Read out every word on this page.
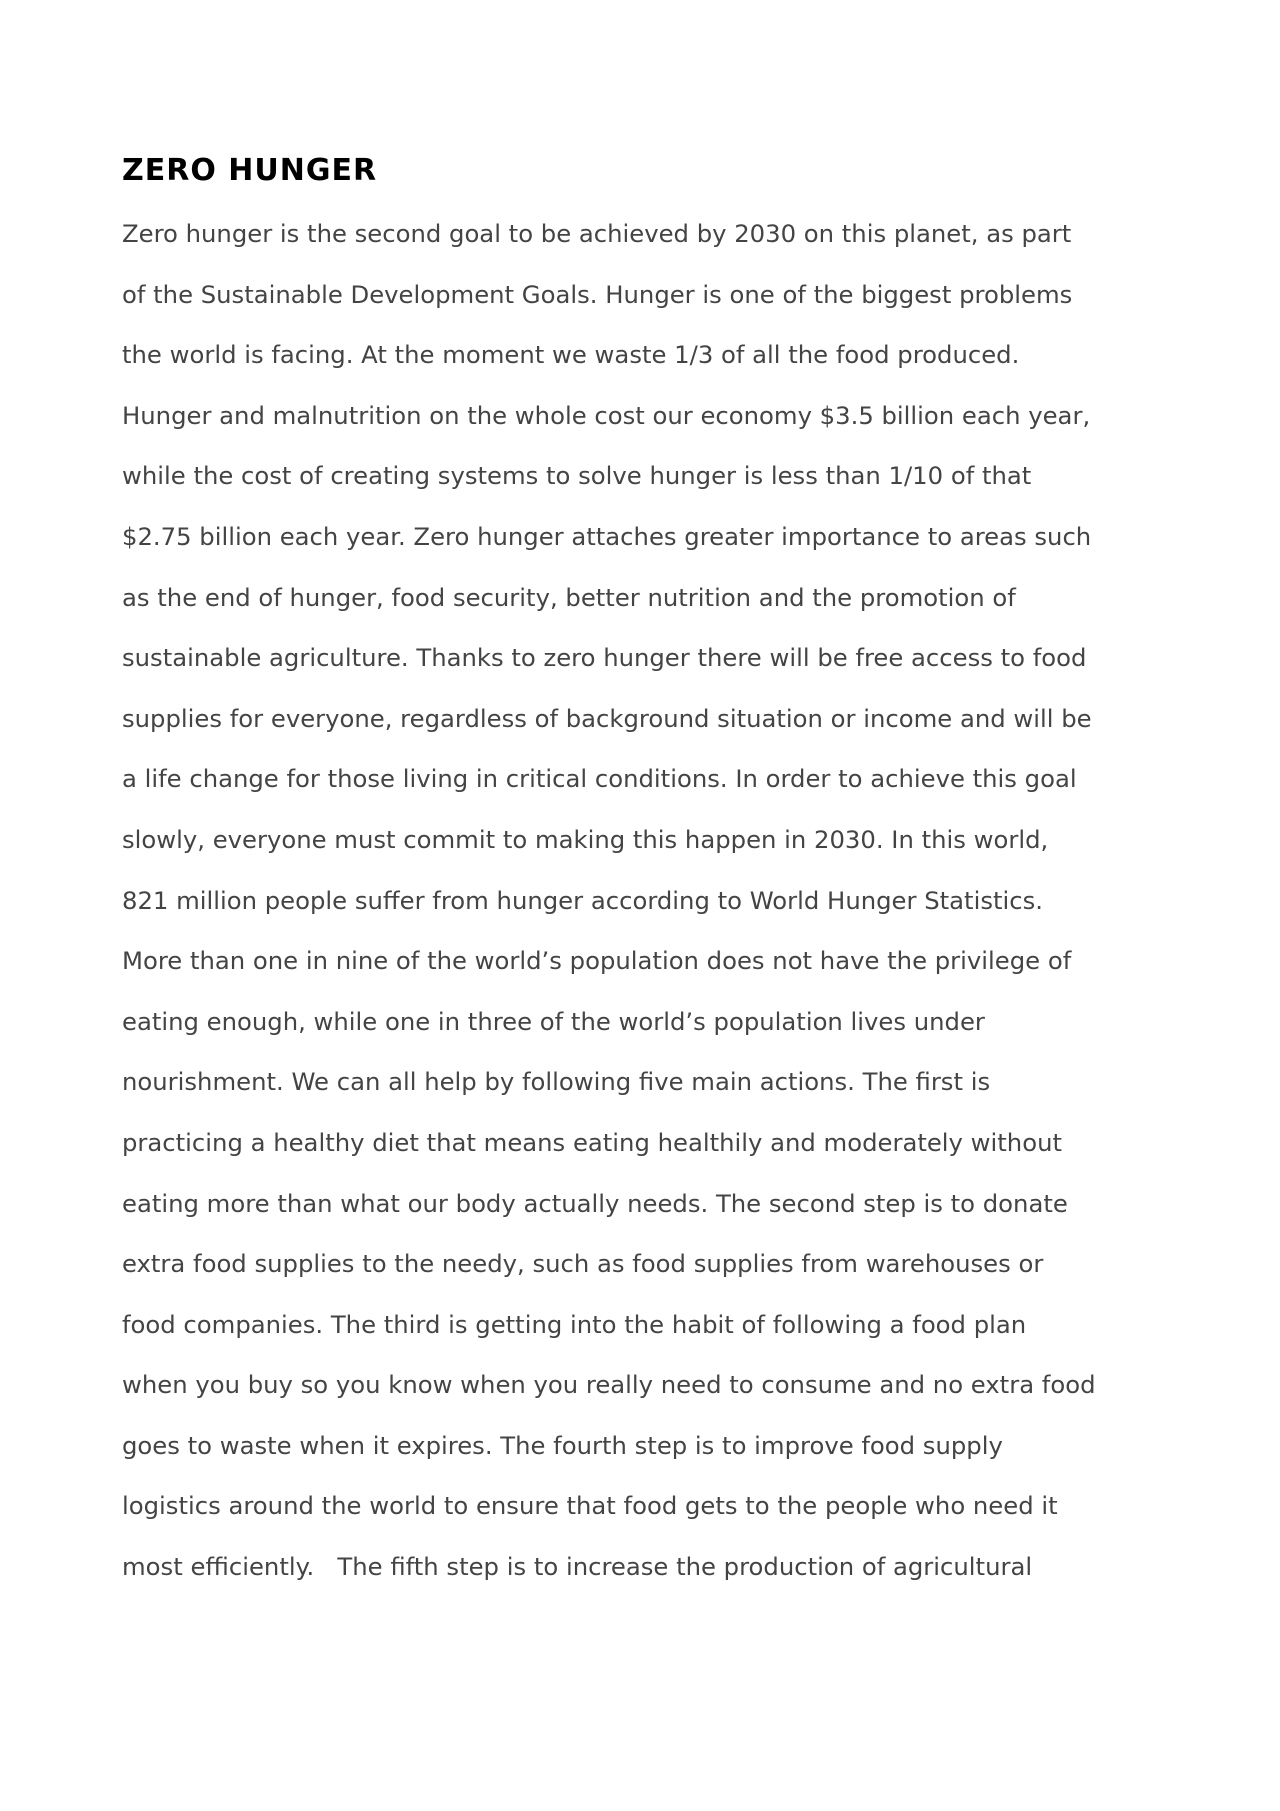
ZERO HUNGER
Zero hunger is the second goal to be achieved by 2030 on this planet, as part
of the Sustainable Development Goals. Hunger is one of the biggest problems
the world is facing. At the moment we waste 1/3 of all the food produced.
Hunger and malnutrition on the whole cost our economy $3.5 billion each year,
while the cost of creating systems to solve hunger is less than 1/10 of that
$2.75 billion each year. Zero hunger attaches greater importance to areas such
as the end of hunger, food security, better nutrition and the promotion of
sustainable agriculture. Thanks to zero hunger there will be free access to food
supplies for everyone, regardless of background situation or income and will be
a life change for those living in critical conditions. In order to achieve this goal
slowly, everyone must commit to making this happen in 2030. In this world,
821 million people suffer from hunger according to World Hunger Statistics.
More than one in nine of the world’s population does not have the privilege of
eating enough, while one in three of the world’s population lives under
nourishment. We can all help by following five main actions. The first is
practicing a healthy diet that means eating healthily and moderately without
eating more than what our body actually needs. The second step is to donate
extra food supplies to the needy, such as food supplies from warehouses or
food companies. The third is getting into the habit of following a food plan
when you buy so you know when you really need to consume and no extra food
goes to waste when it expires. The fourth step is to improve food supply
logistics around the world to ensure that food gets to the people who need it
most efficiently.   The fifth step is to increase the production of agricultural
